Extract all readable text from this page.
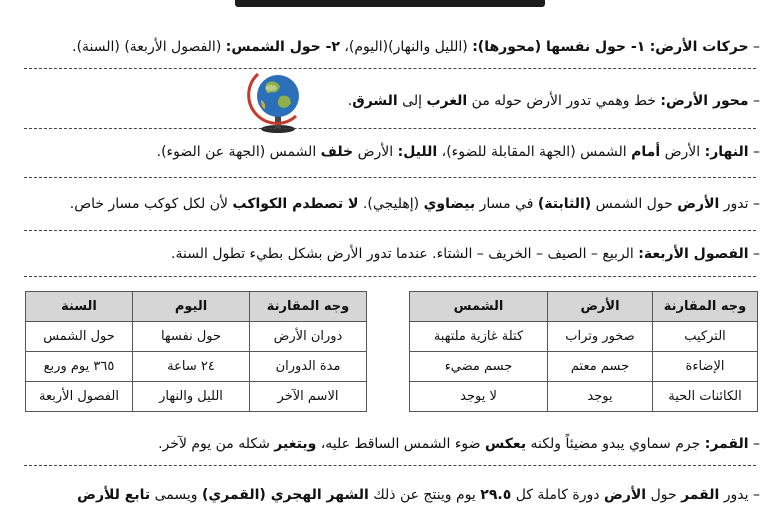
– حركات الأرض: ١- حول نفسها (محورها): (الليل والنهار)(اليوم)، ٢- حول الشمس: (الفصول الأربعة) (السنة).
– محور الأرض: خط وهمي تدور الأرض حوله من الغرب إلى الشرق.
– النهار: الأرض أمام الشمس (الجهة المقابلة للضوء)، الليل: الأرض خلف الشمس (الجهة عن الضوء).
– تدور الأرض حول الشمس (الثابتة) في مسار بيضاوي (إهليجي). لا تصطدم الكواكب لأن لكل كوكب مسار خاص.
– الفصول الأربعة: الربيع – الصيف – الخريف – الشتاء. عندما تدور الأرض بشكل بطيء تطول السنة.
وجه المقارنة	الأرض	الشمس
التركيب	صخور وتراب	كتلة غازية ملتهبة
الإضاءة	جسم معتم	جسم مضيء
الكائنات الحية	يوجد	لا يوجد
وجه المقارنة	اليوم	السنة
دوران الأرض	حول نفسها	حول الشمس
مدة الدوران	٢٤ ساعة	٣٦٥ يوم وربع
الاسم الآخر	الليل والنهار	الفصول الأربعة
– القمر: جرم سماوي يبدو مضيئاً ولكنه يعكس ضوء الشمس الساقط عليه، ويتغير شكله من يوم لآخر.
– يدور القمر حول الأرض دورة كاملة كل ٢٩.٥ يوم وينتج عن ذلك الشهر الهجري (القمري) ويسمى تابع للأرض
